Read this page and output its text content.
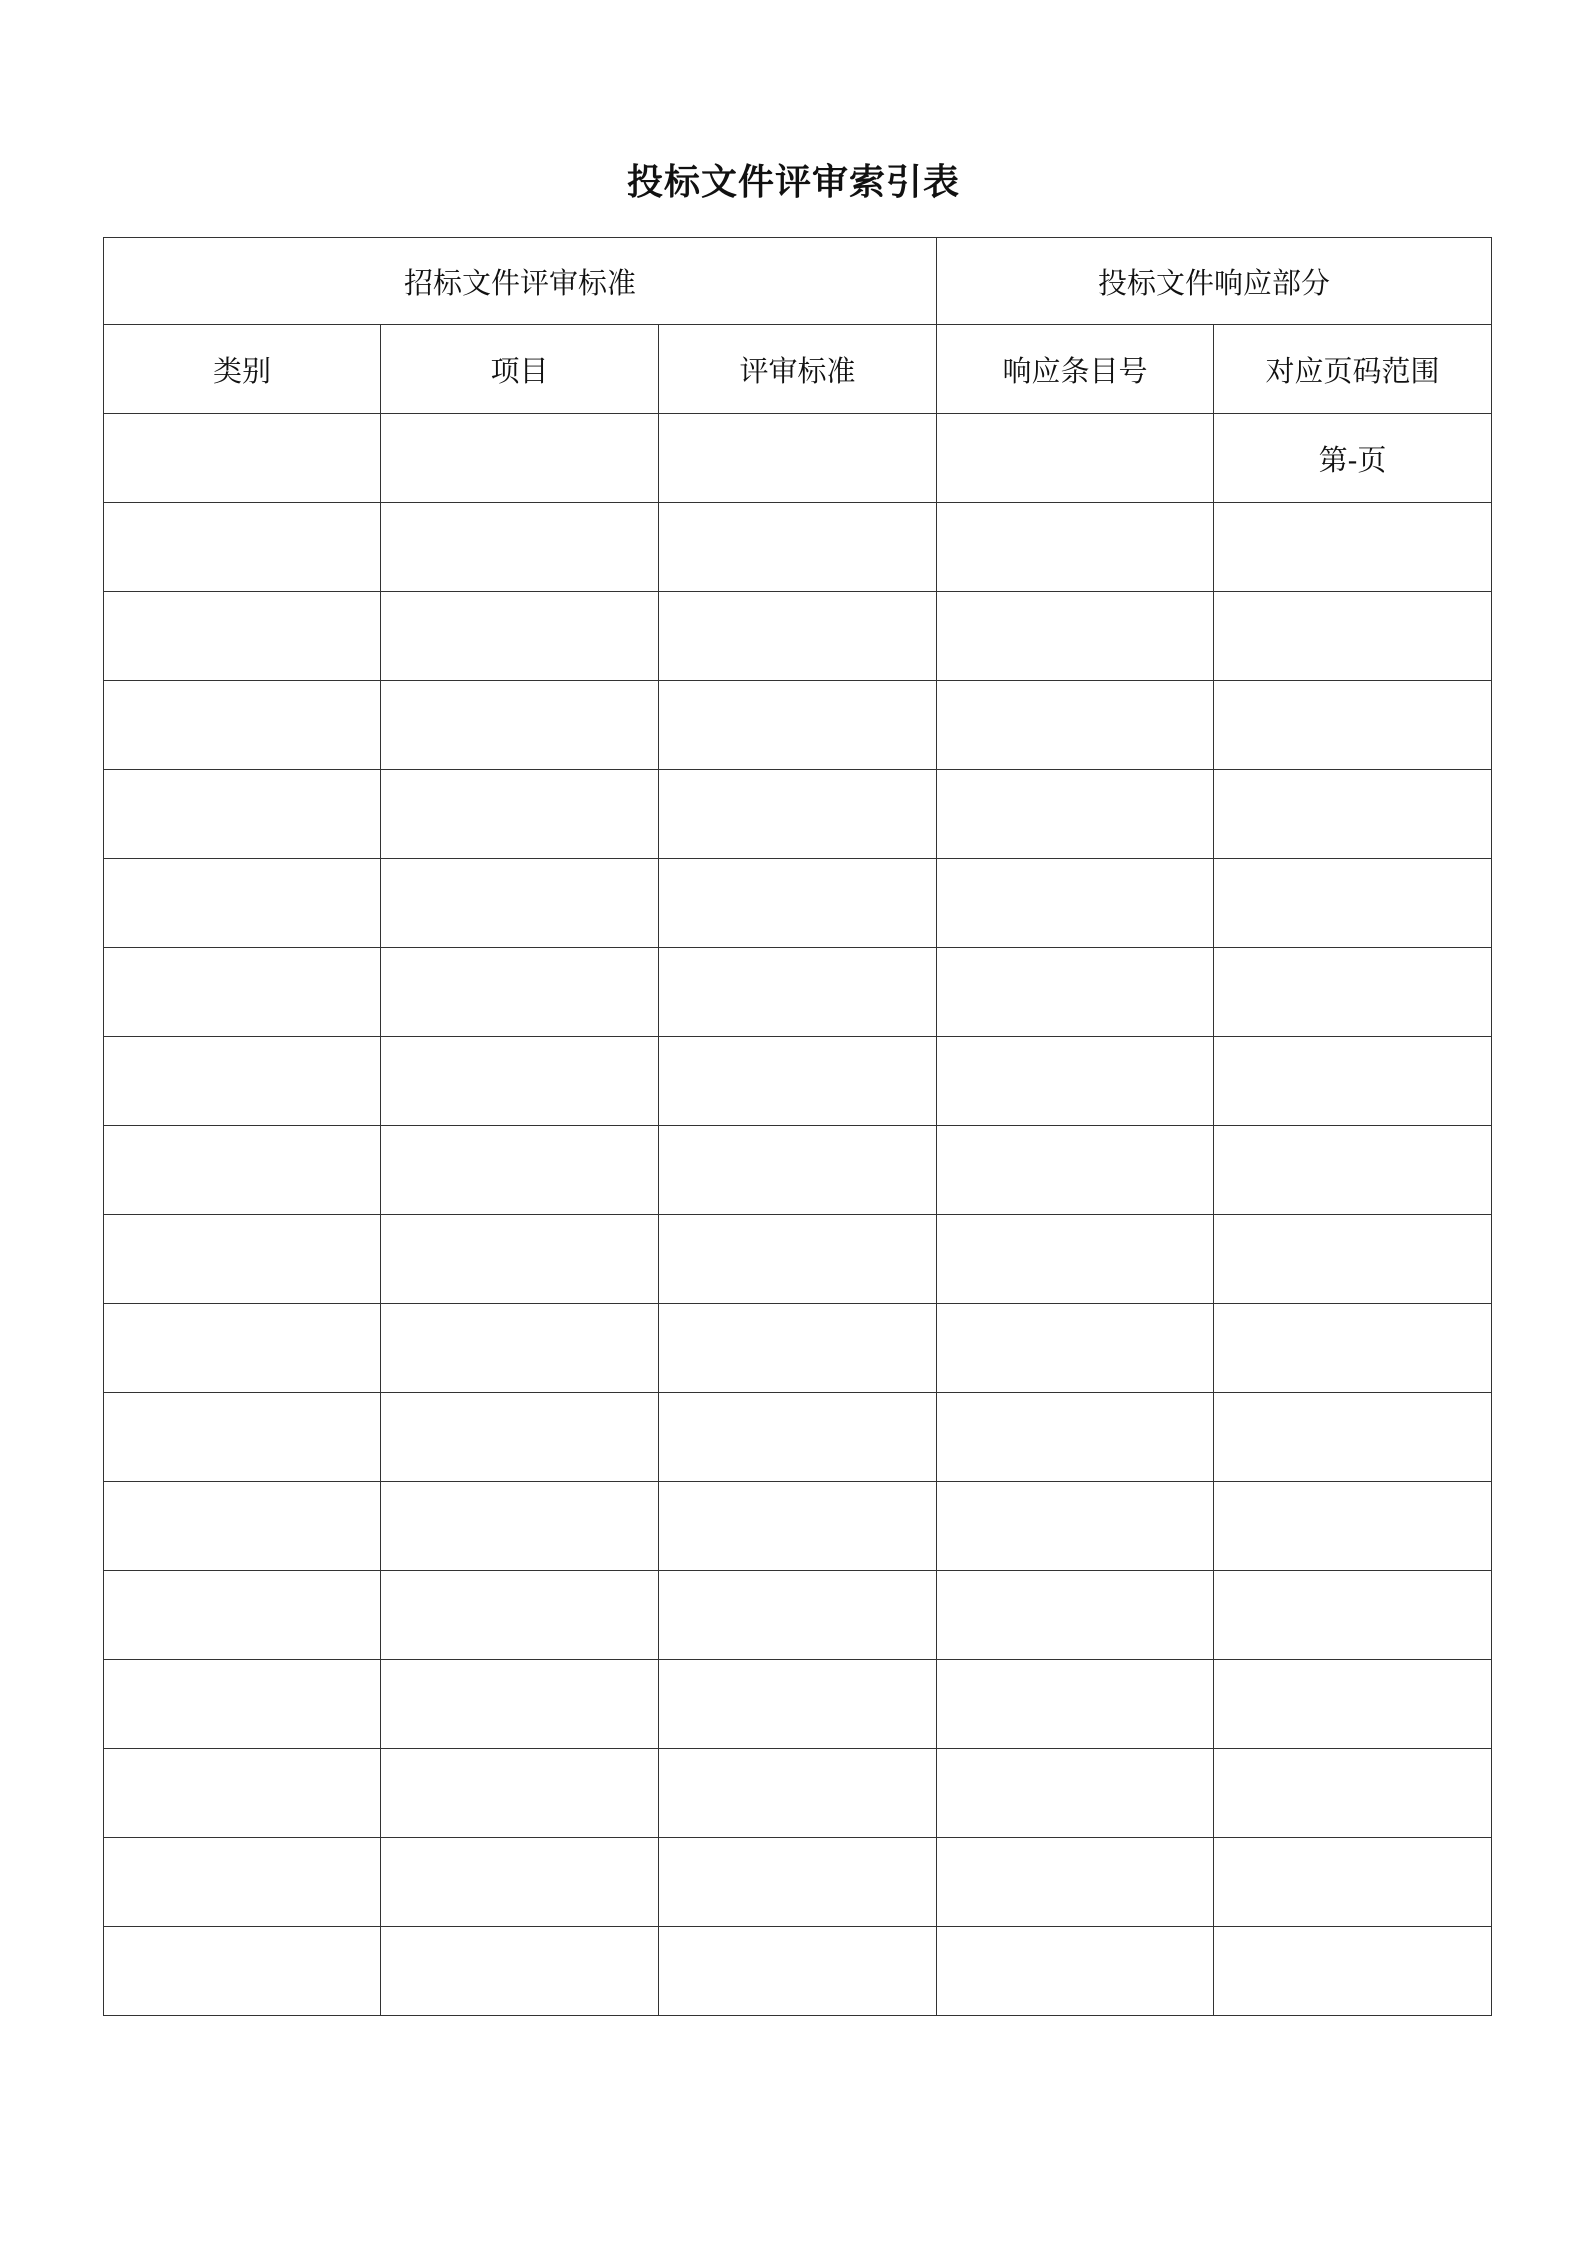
投标文件评审索引表
招标文件评审标准			投标文件响应部分	
类别	项目	评审标准	响应条目号	对应页码范围
				第-页
